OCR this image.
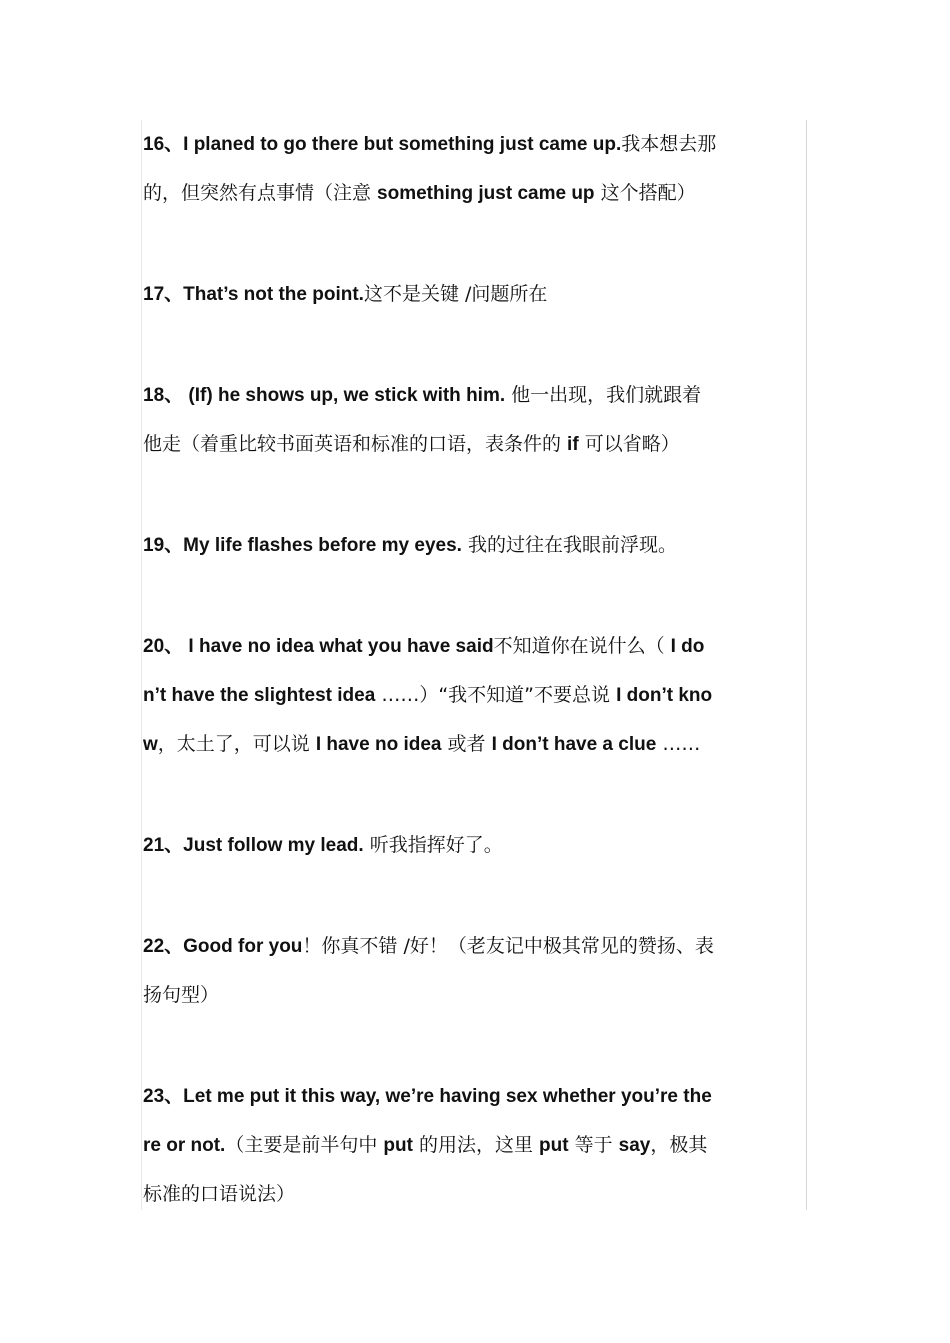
16、I planed to go there but something just came up.我本想去那
的，但突然有点事情（注意 something just came up 这个搭配）
17、That’s not the point.这不是关键 /问题所在
18、 (If) he shows up, we stick with him. 他一出现，我们就跟着
他走（着重比较书面英语和标准的口语，表条件的 if 可以省略）
19、My life flashes before my eyes. 我的过往在我眼前浮现。
20、 I have no idea what you have said不知道你在说什么（ I do
n’t have the slightest idea ……）“我不知道”不要总说 I don’t kno
w，太土了，可以说 I have no idea 或者 I don’t have a clue ……
21、Just follow my lead. 听我指挥好了。
22、Good for you！你真不错 /好！（老友记中极其常见的赞扬、表
扬句型）
23、Let me put it this way, we’re having sex whether you’re the
re or not.（主要是前半句中 put 的用法，这里 put 等于 say，极其
标准的口语说法）
